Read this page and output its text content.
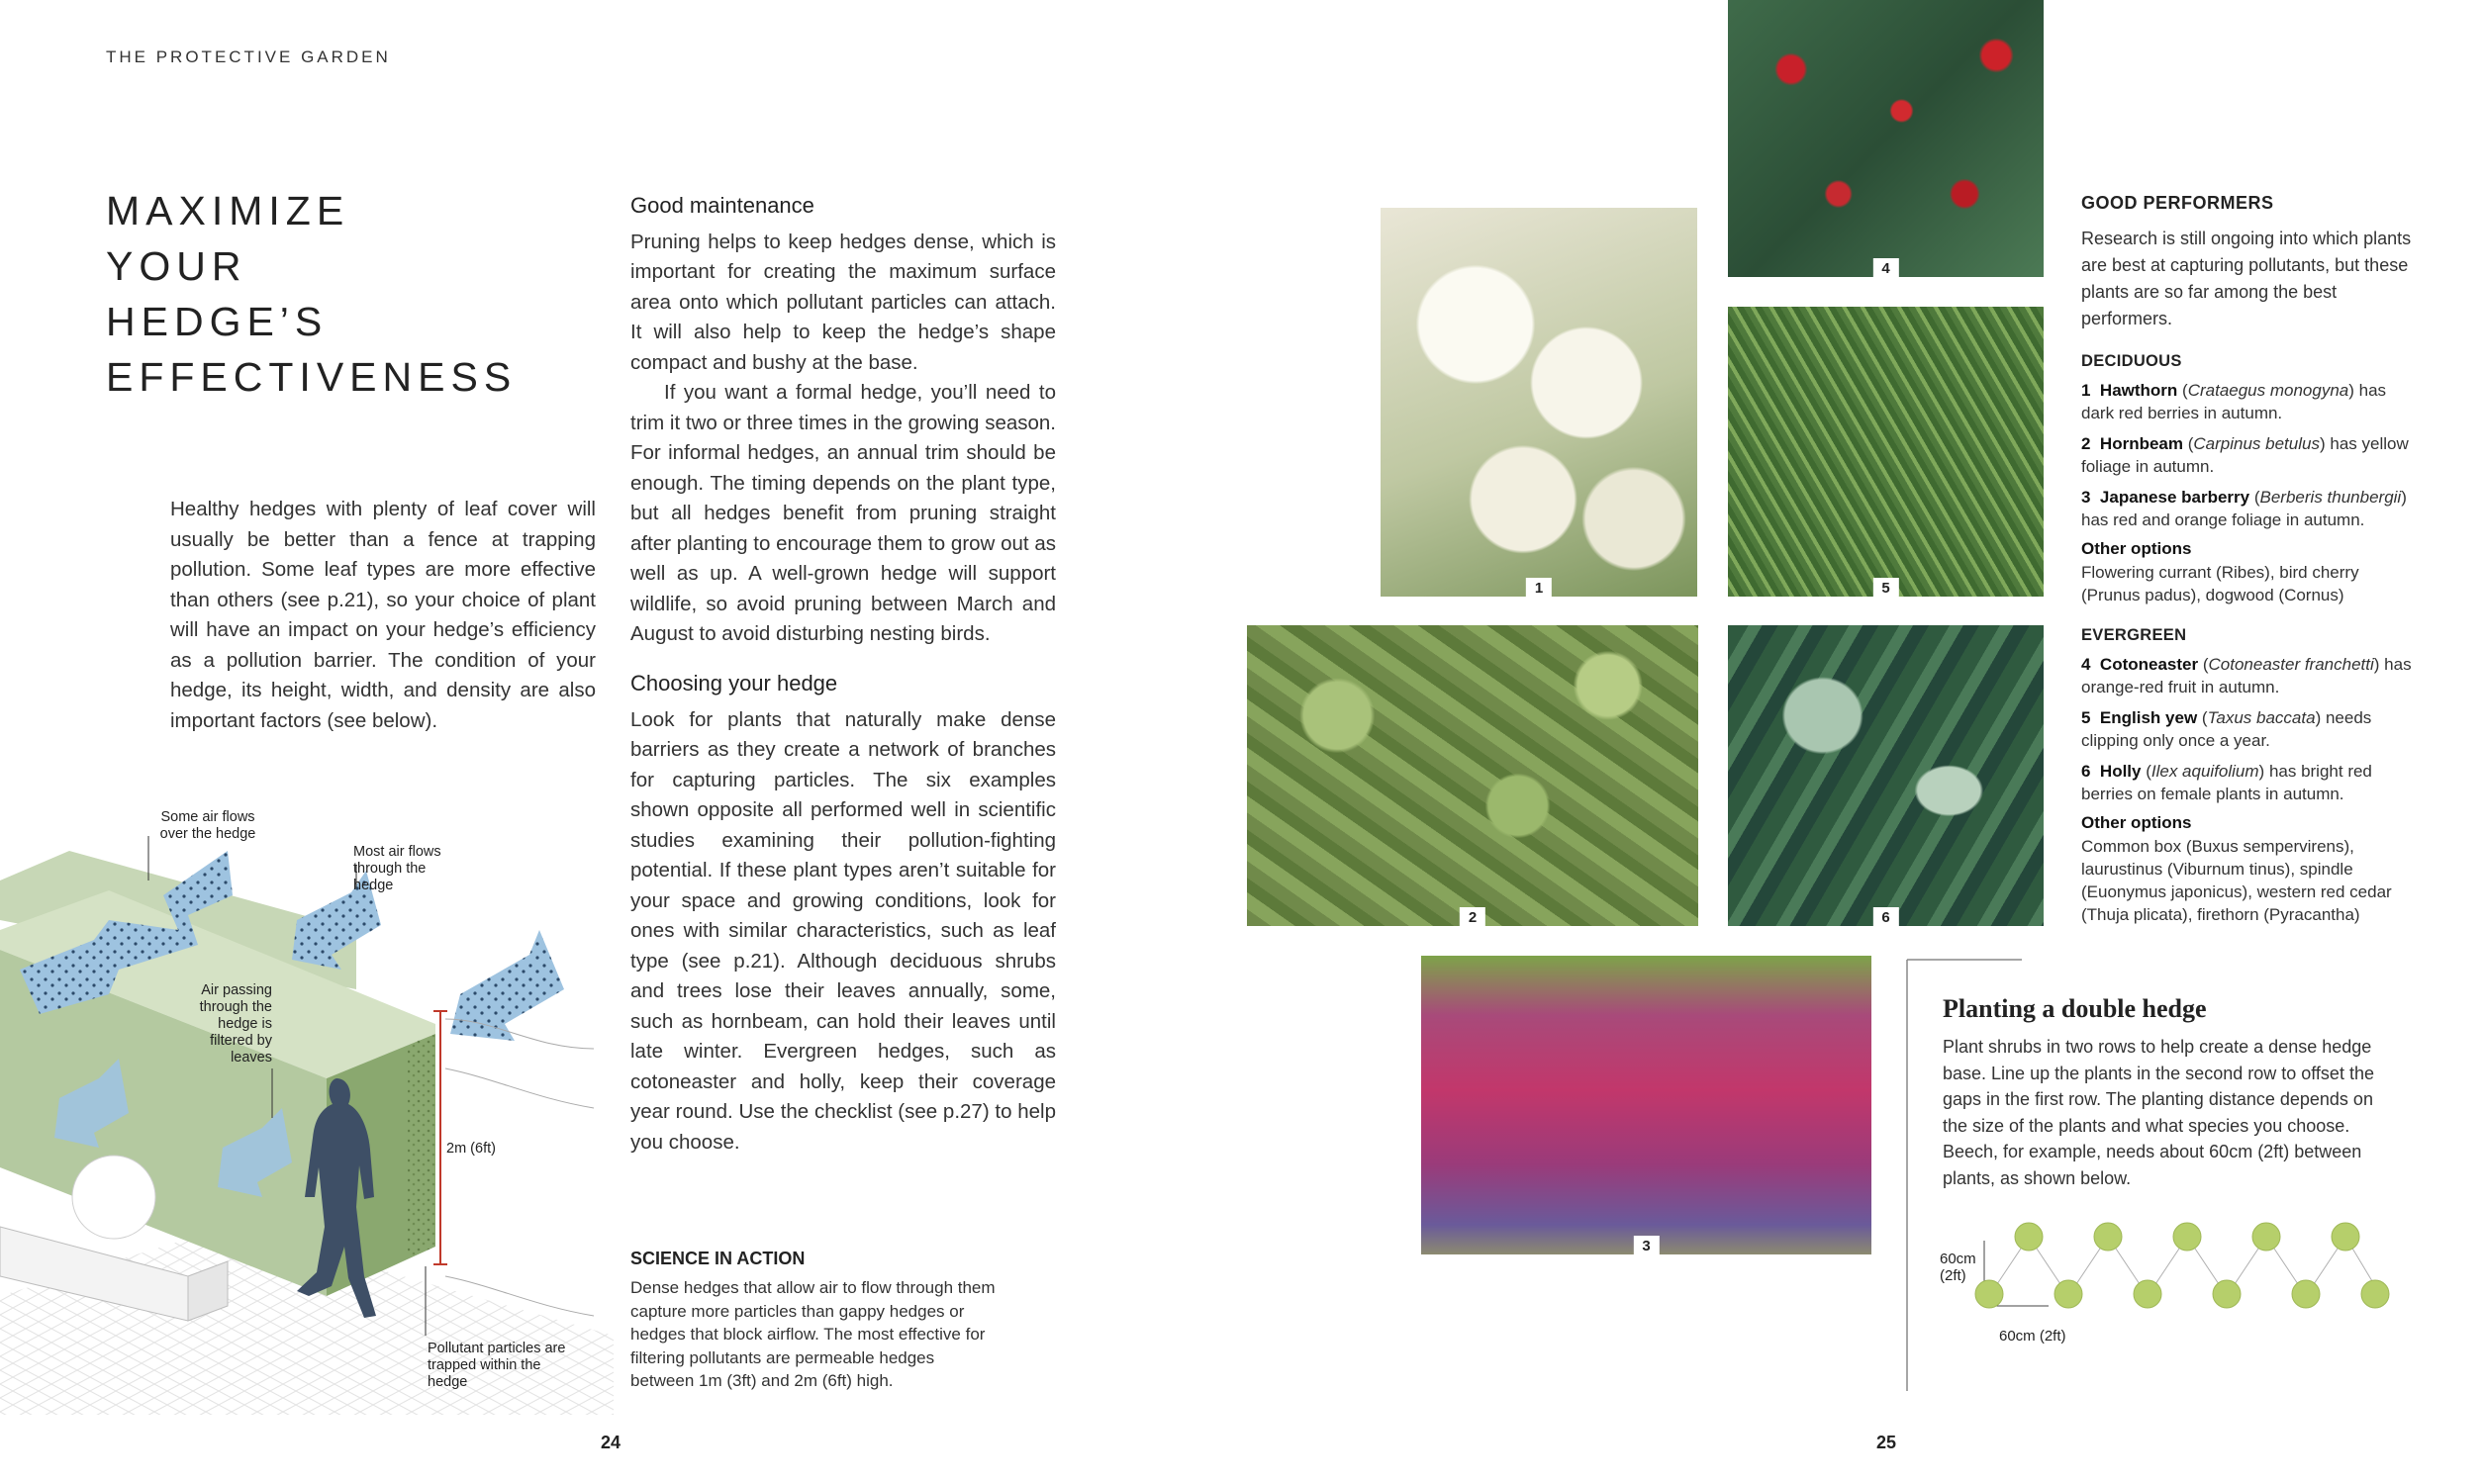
THE PROTECTIVE GARDEN
MAXIMIZE
YOUR
HEDGE’S
EFFECTIVENESS

Healthy hedges with plenty of leaf cover will usually be better than a fence at trapping pollution. Some leaf types are more effective than others (see p.21), so your choice of plant will have an impact on your hedge’s efficiency as a pollution barrier. The condition of your hedge, its height, width, and density are also important factors (see below).

Some air flows over the hedge
Most air flows through the hedge
Air passing through the hedge is filtered by leaves
2m (6ft)
Pollutant particles are trapped within the hedge
Good maintenance

Pruning helps to keep hedges dense, which is important for creating the maximum surface area onto which pollutant particles can attach. It will also help to keep the hedge’s shape compact and bushy at the base.

If you want a formal hedge, you’ll need to trim it two or three times in the growing season. For informal hedges, an annual trim should be enough. The timing depends on the plant type, but all hedges benefit from pruning straight after planting to encourage them to grow out as well as up. A well-grown hedge will support wildlife, so avoid pruning between March and August to avoid disturbing nesting birds.

Choosing your hedge

Look for plants that naturally make dense barriers as they create a network of branches for capturing particles. The six examples shown opposite all performed well in scientific studies examining their pollution-fighting potential. If these plant types aren’t suitable for your space and growing conditions, look for ones with similar characteristics, such as leaf type (see p.21). Although deciduous shrubs and trees lose their leaves annually, some, such as hornbeam, can hold their leaves until late winter. Evergreen hedges, such as cotoneaster and holly, keep their coverage year round. Use the checklist (see p.27) to help you choose.

SCIENCE IN ACTION

Dense hedges that allow air to flow through them capture more particles than gappy hedges or hedges that block airflow. The most effective for filtering pollutants are permeable hedges between 1m (3ft) and 2m (6ft) high.

24	25
1
2
3
4
5
6

GOOD PERFORMERS

Research is still ongoing into which plants are best at capturing pollutants, but these plants are so far among the best performers.

DECIDUOUS

1 Hawthorn (Crataegus monogyna) has dark red berries in autumn.

2 Hornbeam (Carpinus betulus) has yellow foliage in autumn.

3 Japanese barberry (Berberis thunbergii) has red and orange foliage in autumn.

Other options

Flowering currant (Ribes), bird cherry (Prunus padus), dogwood (Cornus)

EVERGREEN

4 Cotoneaster (Cotoneaster franchetti) has orange-red fruit in autumn.

5 English yew (Taxus baccata) needs clipping only once a year.

6 Holly (Ilex aquifolium) has bright red berries on female plants in autumn.

Other options

Common box (Buxus sempervirens), laurustinus (Viburnum tinus), spindle (Euonymus japonicus), western red cedar (Thuja plicata), firethorn (Pyracantha)

Planting a double hedge

Plant shrubs in two rows to help create a dense hedge base. Line up the plants in the second row to offset the gaps in the first row. The planting distance depends on the size of the plants and what species you choose. Beech, for example, needs about 60cm (2ft) between plants, as shown below.

60cm (2ft)
60cm (2ft)
